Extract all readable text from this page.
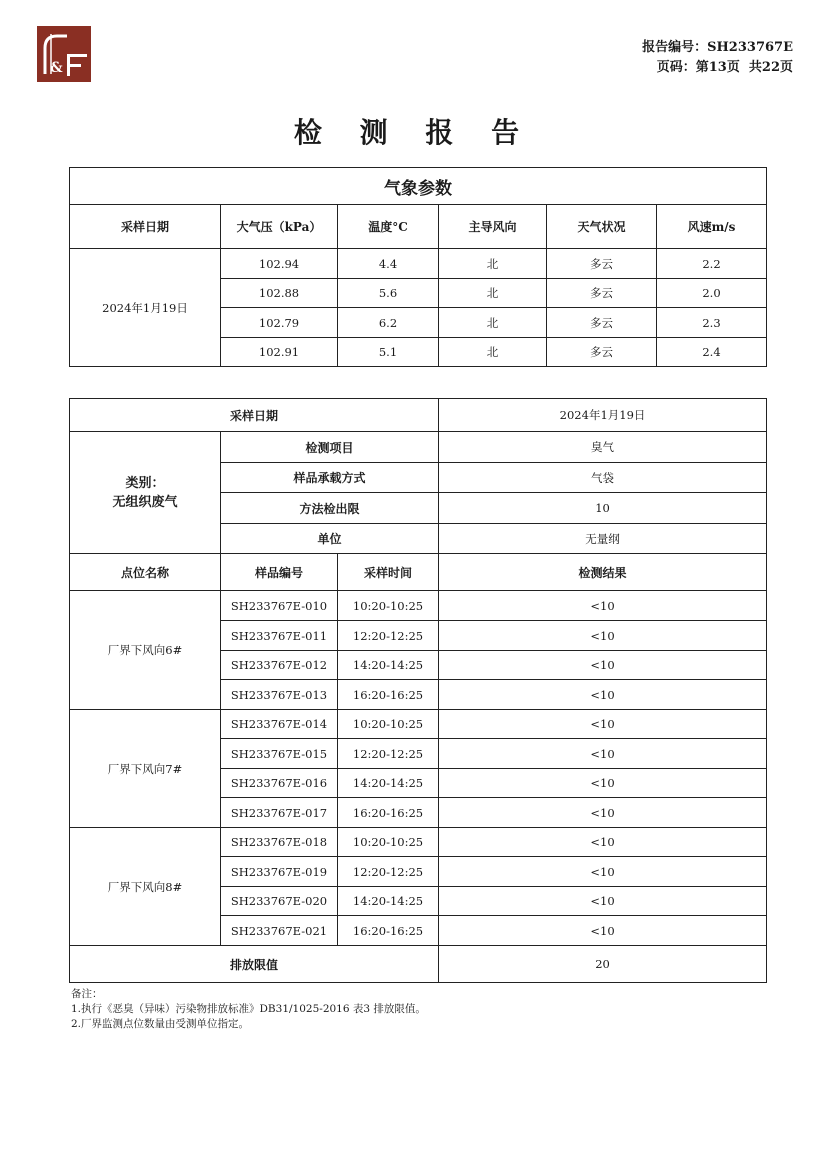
&
报告编号：SH233767E
页码：第13页 共22页
检 测 报 告
气象参数					
采样日期	大气压（kPa）	温度°C	主导风向	天气状况	风速m/s
2024年1月19日	102.94	4.4	北	多云	2.2
	102.88	5.6	北	多云	2.0
	102.79	6.2	北	多云	2.3
	102.91	5.1	北	多云	2.4
采样日期			2024年1月19日

类别：
无组织废气	检测项目		臭气
	样品承载方式		气袋
	方法检出限		10
	单位		无量纲
点位名称	样品编号	采样时间	检测结果
厂界下风向6#	SH233767E-010	10:20-10:25	<10
	SH233767E-011	12:20-12:25	<10
	SH233767E-012	14:20-14:25	<10
	SH233767E-013	16:20-16:25	<10
厂界下风向7#	SH233767E-014	10:20-10:25	<10
	SH233767E-015	12:20-12:25	<10
	SH233767E-016	14:20-14:25	<10
	SH233767E-017	16:20-16:25	<10
厂界下风向8#	SH233767E-018	10:20-10:25	<10
	SH233767E-019	12:20-12:25	<10
	SH233767E-020	14:20-14:25	<10
	SH233767E-021	16:20-16:25	<10
排放限值			20
备注：
1.执行《恶臭（异味）污染物排放标准》DB31/1025-2016 表3 排放限值。
2.厂界监测点位数量由受测单位指定。
